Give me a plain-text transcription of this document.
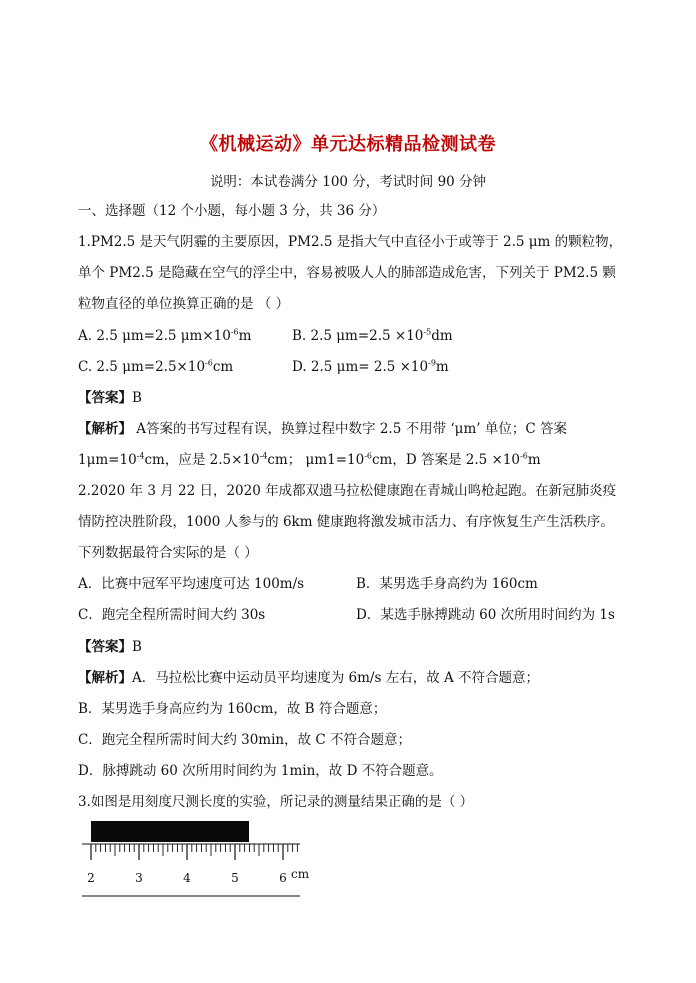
《机械运动》单元达标精品检测试卷
说明：本试卷满分 100 分，考试时间 90 分钟
一、选择题（12 个小题，每小题 3 分，共 36 分）
1.PM2.5 是天气阴霾的主要原因，PM2.5 是指大气中直径小于或等于 2.5 μm 的颗粒物，
单个 PM2.5 是隐藏在空气的浮尘中，容易被吸人人的肺部造成危害，下列关于 PM2.5 颗
粒物直径的单位换算正确的是 （ ）
A. 2.5 μm=2.5 $\mu m\times 10^{-6}m$	B. 2.5 $\mu m=2.5 \times 10^{-5}dm$
C. 2.5 $\mu m=2.5\times 10^{-6}cm$	D. 2.5 $\mu m= 2.5 \times 10^{-9}m$
【答案】B
【解析】 A答案的书写过程有误，换算过程中数字 2.5 不用带 ‘μm’ 单位；C 答案
$1\mu m=10^{-4}cm$，应是 $2.5\times 10^{-4}cm$； $\mu m1=10^{-6}cm$，D 答案是 $2.5 \times 10^{-6}m$
2.2020 年 3 月 22 日，2020 年成都双遗马拉松健康跑在青城山鸣枪起跑。在新冠肺炎疫
情防控决胜阶段，1000 人参与的 6km 健康跑将激发城市活力、有序恢复生产生活秩序。
下列数据最符合实际的是（ ）
A．比赛中冠军平均速度可达 100m/s	B．某男选手身高约为 160cm
C．跑完全程所需时间大约 30s	D．某选手脉搏跳动 60 次所用时间约为 1s
【答案】B
【解析】A．马拉松比赛中运动员平均速度为 6m/s 左右，故 A 不符合题意；
B．某男选手身高应约为 160cm，故 B 符合题意；
C．跑完全程所需时间大约 30min，故 C 不符合题意；
D．脉搏跳动 60 次所用时间约为 1min，故 D 不符合题意。
3.如图是用刻度尺测长度的实验，所记录的测量结果正确的是（ ）
2	3	4	5	6 cm
